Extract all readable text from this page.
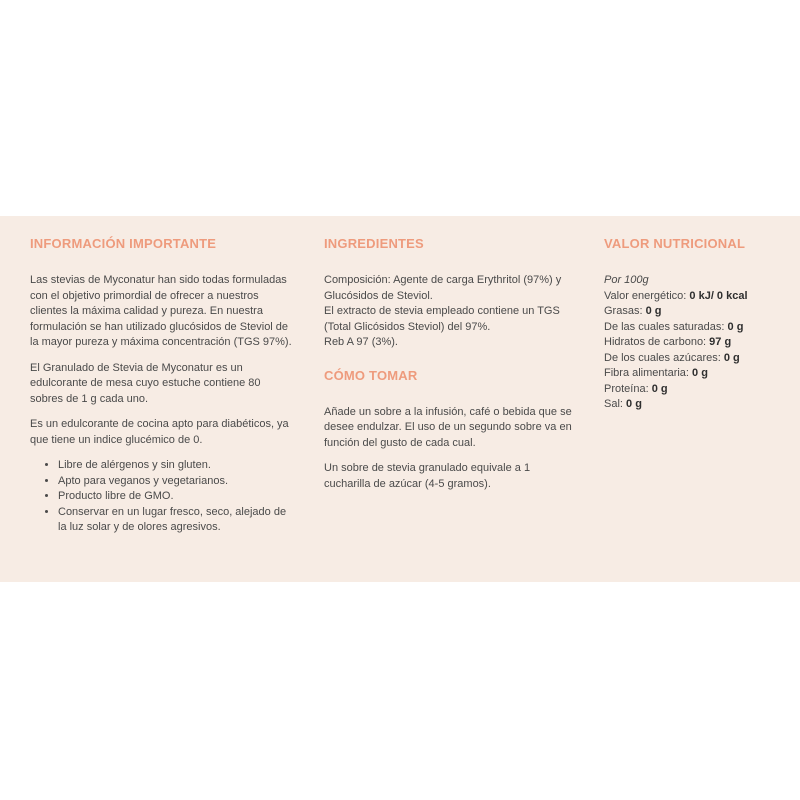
INFORMACIÓN IMPORTANTE

Las stevias de Myconatur han sido todas formuladas con el objetivo primordial de ofrecer a nuestros clientes la máxima calidad y pureza. En nuestra formulación se han utilizado glucósidos de Steviol de la mayor pureza y máxima concentración (TGS 97%).

El Granulado de Stevia de Myconatur es un edulcorante de mesa cuyo estuche contiene 80 sobres de 1 g cada uno.

Es un edulcorante de cocina apto para diabéticos, ya que tiene un indice glucémico de 0.

• Libre de alérgenos y sin gluten.
• Apto para veganos y vegetarianos.
• Producto libre de GMO.
• Conservar en un lugar fresco, seco, alejado de la luz solar y de olores agresivos.
INGREDIENTES

Composición: Agente de carga Erythritol (97%) y Glucósidos de Steviol.

El extracto de stevia empleado contiene un TGS (Total Glicósidos Steviol) del 97%.

Reb A 97 (3%).

CÓMO TOMAR

Añade un sobre a la infusión, café o bebida que se desee endulzar. El uso de un segundo sobre va en función del gusto de cada cual.

Un sobre de stevia granulado equivale a 1 cucharilla de azúcar (4-5 gramos).

VALOR NUTRICIONAL

Por 100g

Valor energético: 0 kJ/ 0 kcal
Grasas: 0 g
De las cuales saturadas: 0 g
Hidratos de carbono: 97 g
De los cuales azúcares: 0 g
Fibra alimentaria: 0 g
Proteína: 0 g
Sal: 0 g
